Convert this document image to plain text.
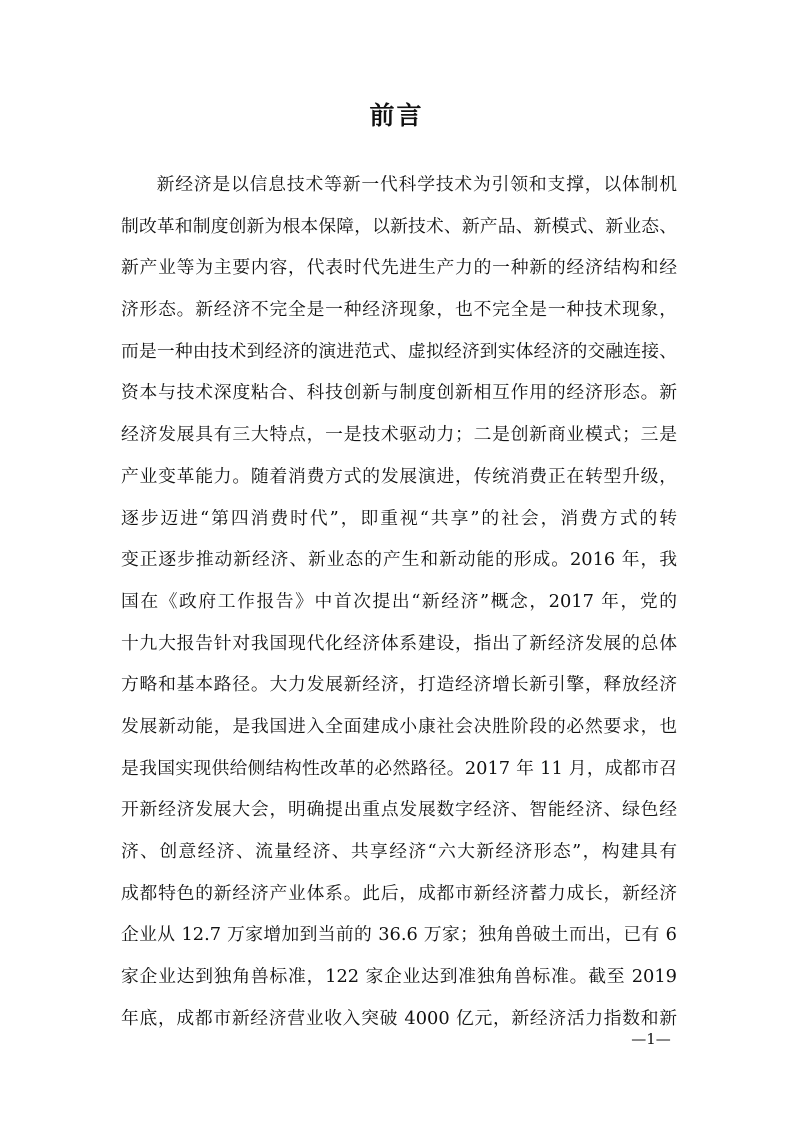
前言
新经济是以信息技术等新一代科学技术为引领和支撑，以体制机
制改革和制度创新为根本保障，以新技术、新产品、新模式、新业态、
新产业等为主要内容，代表时代先进生产力的一种新的经济结构和经
济形态。新经济不完全是一种经济现象，也不完全是一种技术现象，
而是一种由技术到经济的演进范式、虚拟经济到实体经济的交融连接、
资本与技术深度粘合、科技创新与制度创新相互作用的经济形态。新
经济发展具有三大特点，一是技术驱动力；二是创新商业模式；三是
产业变革能力。随着消费方式的发展演进，传统消费正在转型升级，
逐步迈进“第四消费时代”，即重视“共享”的社会，消费方式的转
变正逐步推动新经济、新业态的产生和新动能的形成。2016 年，我
国在《政府工作报告》中首次提出“新经济”概念，2017 年，党的
十九大报告针对我国现代化经济体系建设，指出了新经济发展的总体
方略和基本路径。大力发展新经济，打造经济增长新引擎，释放经济
发展新动能，是我国进入全面建成小康社会决胜阶段的必然要求，也
是我国实现供给侧结构性改革的必然路径。2017 年 11 月，成都市召
开新经济发展大会，明确提出重点发展数字经济、智能经济、绿色经
济、创意经济、流量经济、共享经济“六大新经济形态”，构建具有
成都特色的新经济产业体系。此后，成都市新经济蓄力成长，新经济
企业从 12.7 万家增加到当前的 36.6 万家；独角兽破土而出，已有 6
家企业达到独角兽标准，122 家企业达到准独角兽标准。截至 2019
年底，成都市新经济营业收入突破 4000 亿元，新经济活力指数和新
—1—
